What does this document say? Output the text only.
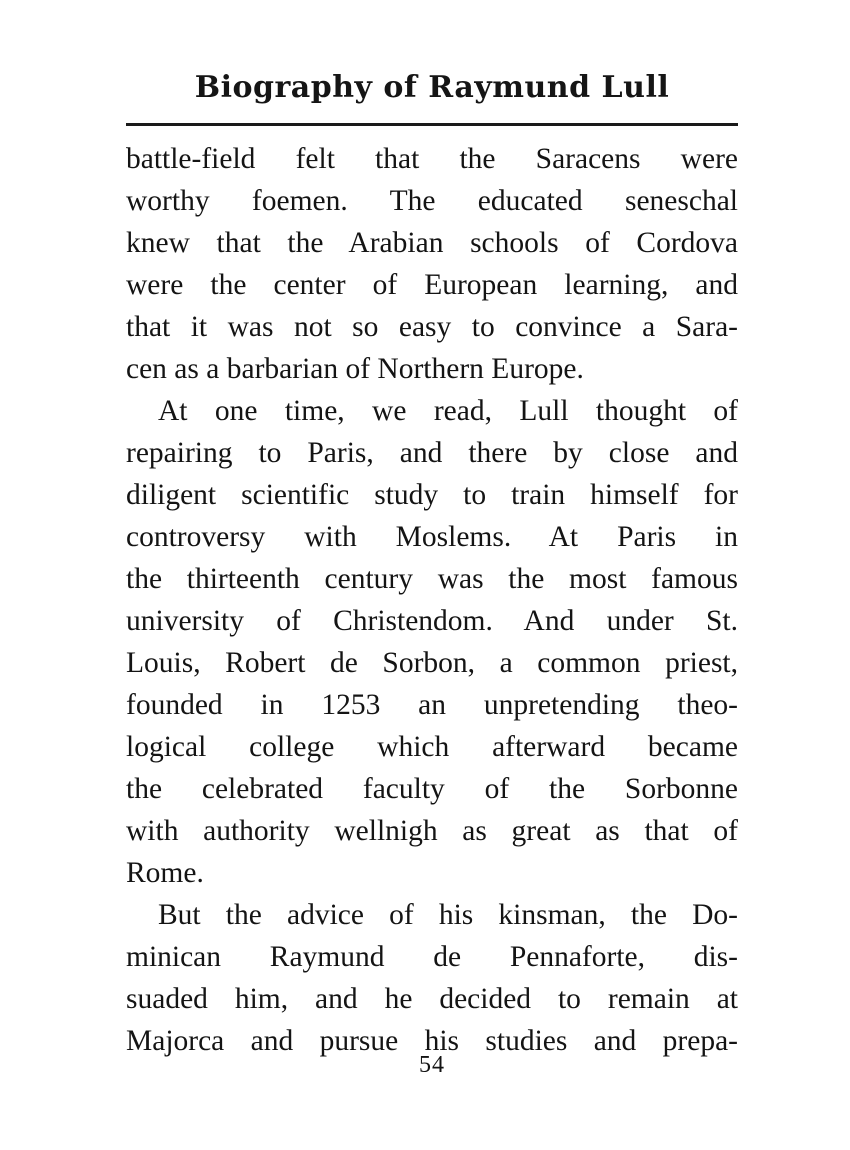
Biography of Raymund Lull
battle-field felt that the Saracens were
worthy foemen. The educated seneschal
knew that the Arabian schools of Cordova
were the center of European learning, and
that it was not so easy to convince a Sara-
cen as a barbarian of Northern Europe.
At one time, we read, Lull thought of
repairing to Paris, and there by close and
diligent scientific study to train himself for
controversy with Moslems. At Paris in
the thirteenth century was the most famous
university of Christendom. And under St.
Louis, Robert de Sorbon, a common priest,
founded in 1253 an unpretending theo-
logical college which afterward became
the celebrated faculty of the Sorbonne
with authority wellnigh as great as that of
Rome.
But the advice of his kinsman, the Do-
minican Raymund de Pennaforte, dis-
suaded him, and he decided to remain at
Majorca and pursue his studies and prepa-
54
